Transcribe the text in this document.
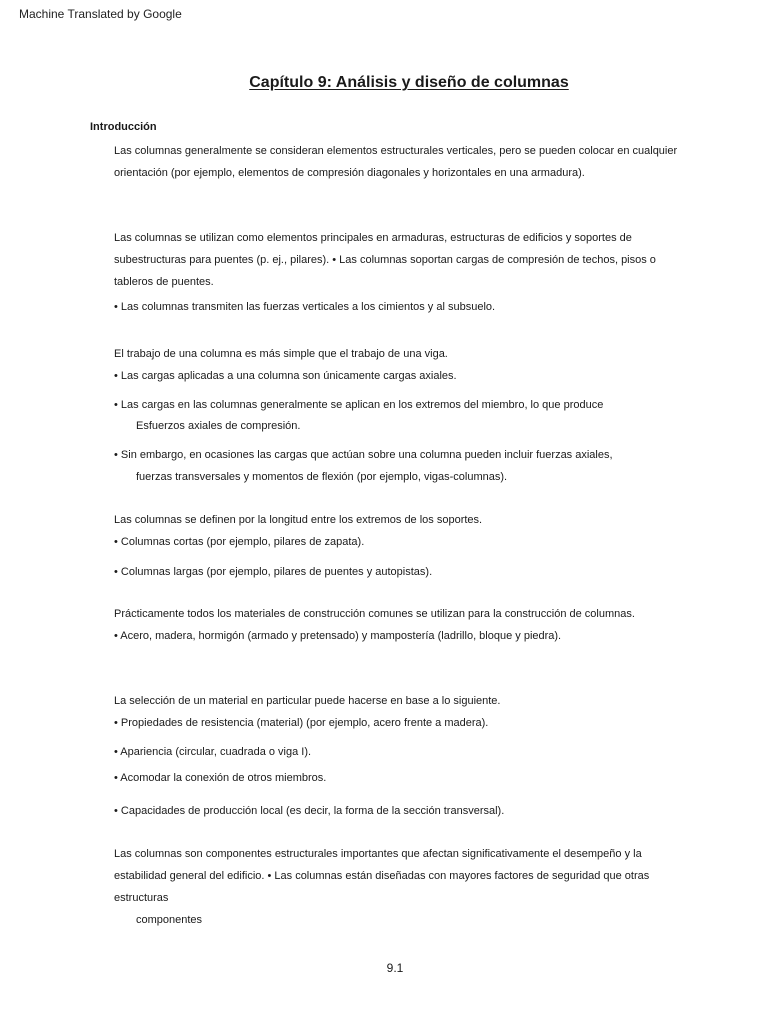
Machine Translated by Google
Capítulo 9: Análisis y diseño de columnas
Introducción
Las columnas generalmente se consideran elementos estructurales verticales, pero se pueden colocar en cualquier
orientación (por ejemplo, elementos de compresión diagonales y horizontales en una armadura).
Las columnas se utilizan como elementos principales en armaduras, estructuras de edificios y soportes de
subestructuras para puentes (p. ej., pilares). • Las columnas soportan cargas de compresión de techos, pisos o
tableros de puentes.
• Las columnas transmiten las fuerzas verticales a los cimientos y al subsuelo.
El trabajo de una columna es más simple que el trabajo de una viga.
• Las cargas aplicadas a una columna son únicamente cargas axiales.
• Las cargas en las columnas generalmente se aplican en los extremos del miembro, lo que produce
Esfuerzos axiales de compresión.
• Sin embargo, en ocasiones las cargas que actúan sobre una columna pueden incluir fuerzas axiales,
fuerzas transversales y momentos de flexión (por ejemplo, vigas-columnas).
Las columnas se definen por la longitud entre los extremos de los soportes.
• Columnas cortas (por ejemplo, pilares de zapata).
• Columnas largas (por ejemplo, pilares de puentes y autopistas).
Prácticamente todos los materiales de construcción comunes se utilizan para la construcción de columnas.
• Acero, madera, hormigón (armado y pretensado) y mampostería (ladrillo, bloque y piedra).
La selección de un material en particular puede hacerse en base a lo siguiente.
• Propiedades de resistencia (material) (por ejemplo, acero frente a madera).
• Apariencia (circular, cuadrada o viga I).
• Acomodar la conexión de otros miembros.
• Capacidades de producción local (es decir, la forma de la sección transversal).
Las columnas son componentes estructurales importantes que afectan significativamente el desempeño y la
estabilidad general del edificio. • Las columnas están diseñadas con mayores factores de seguridad que otras
estructuras
componentes
9.1
